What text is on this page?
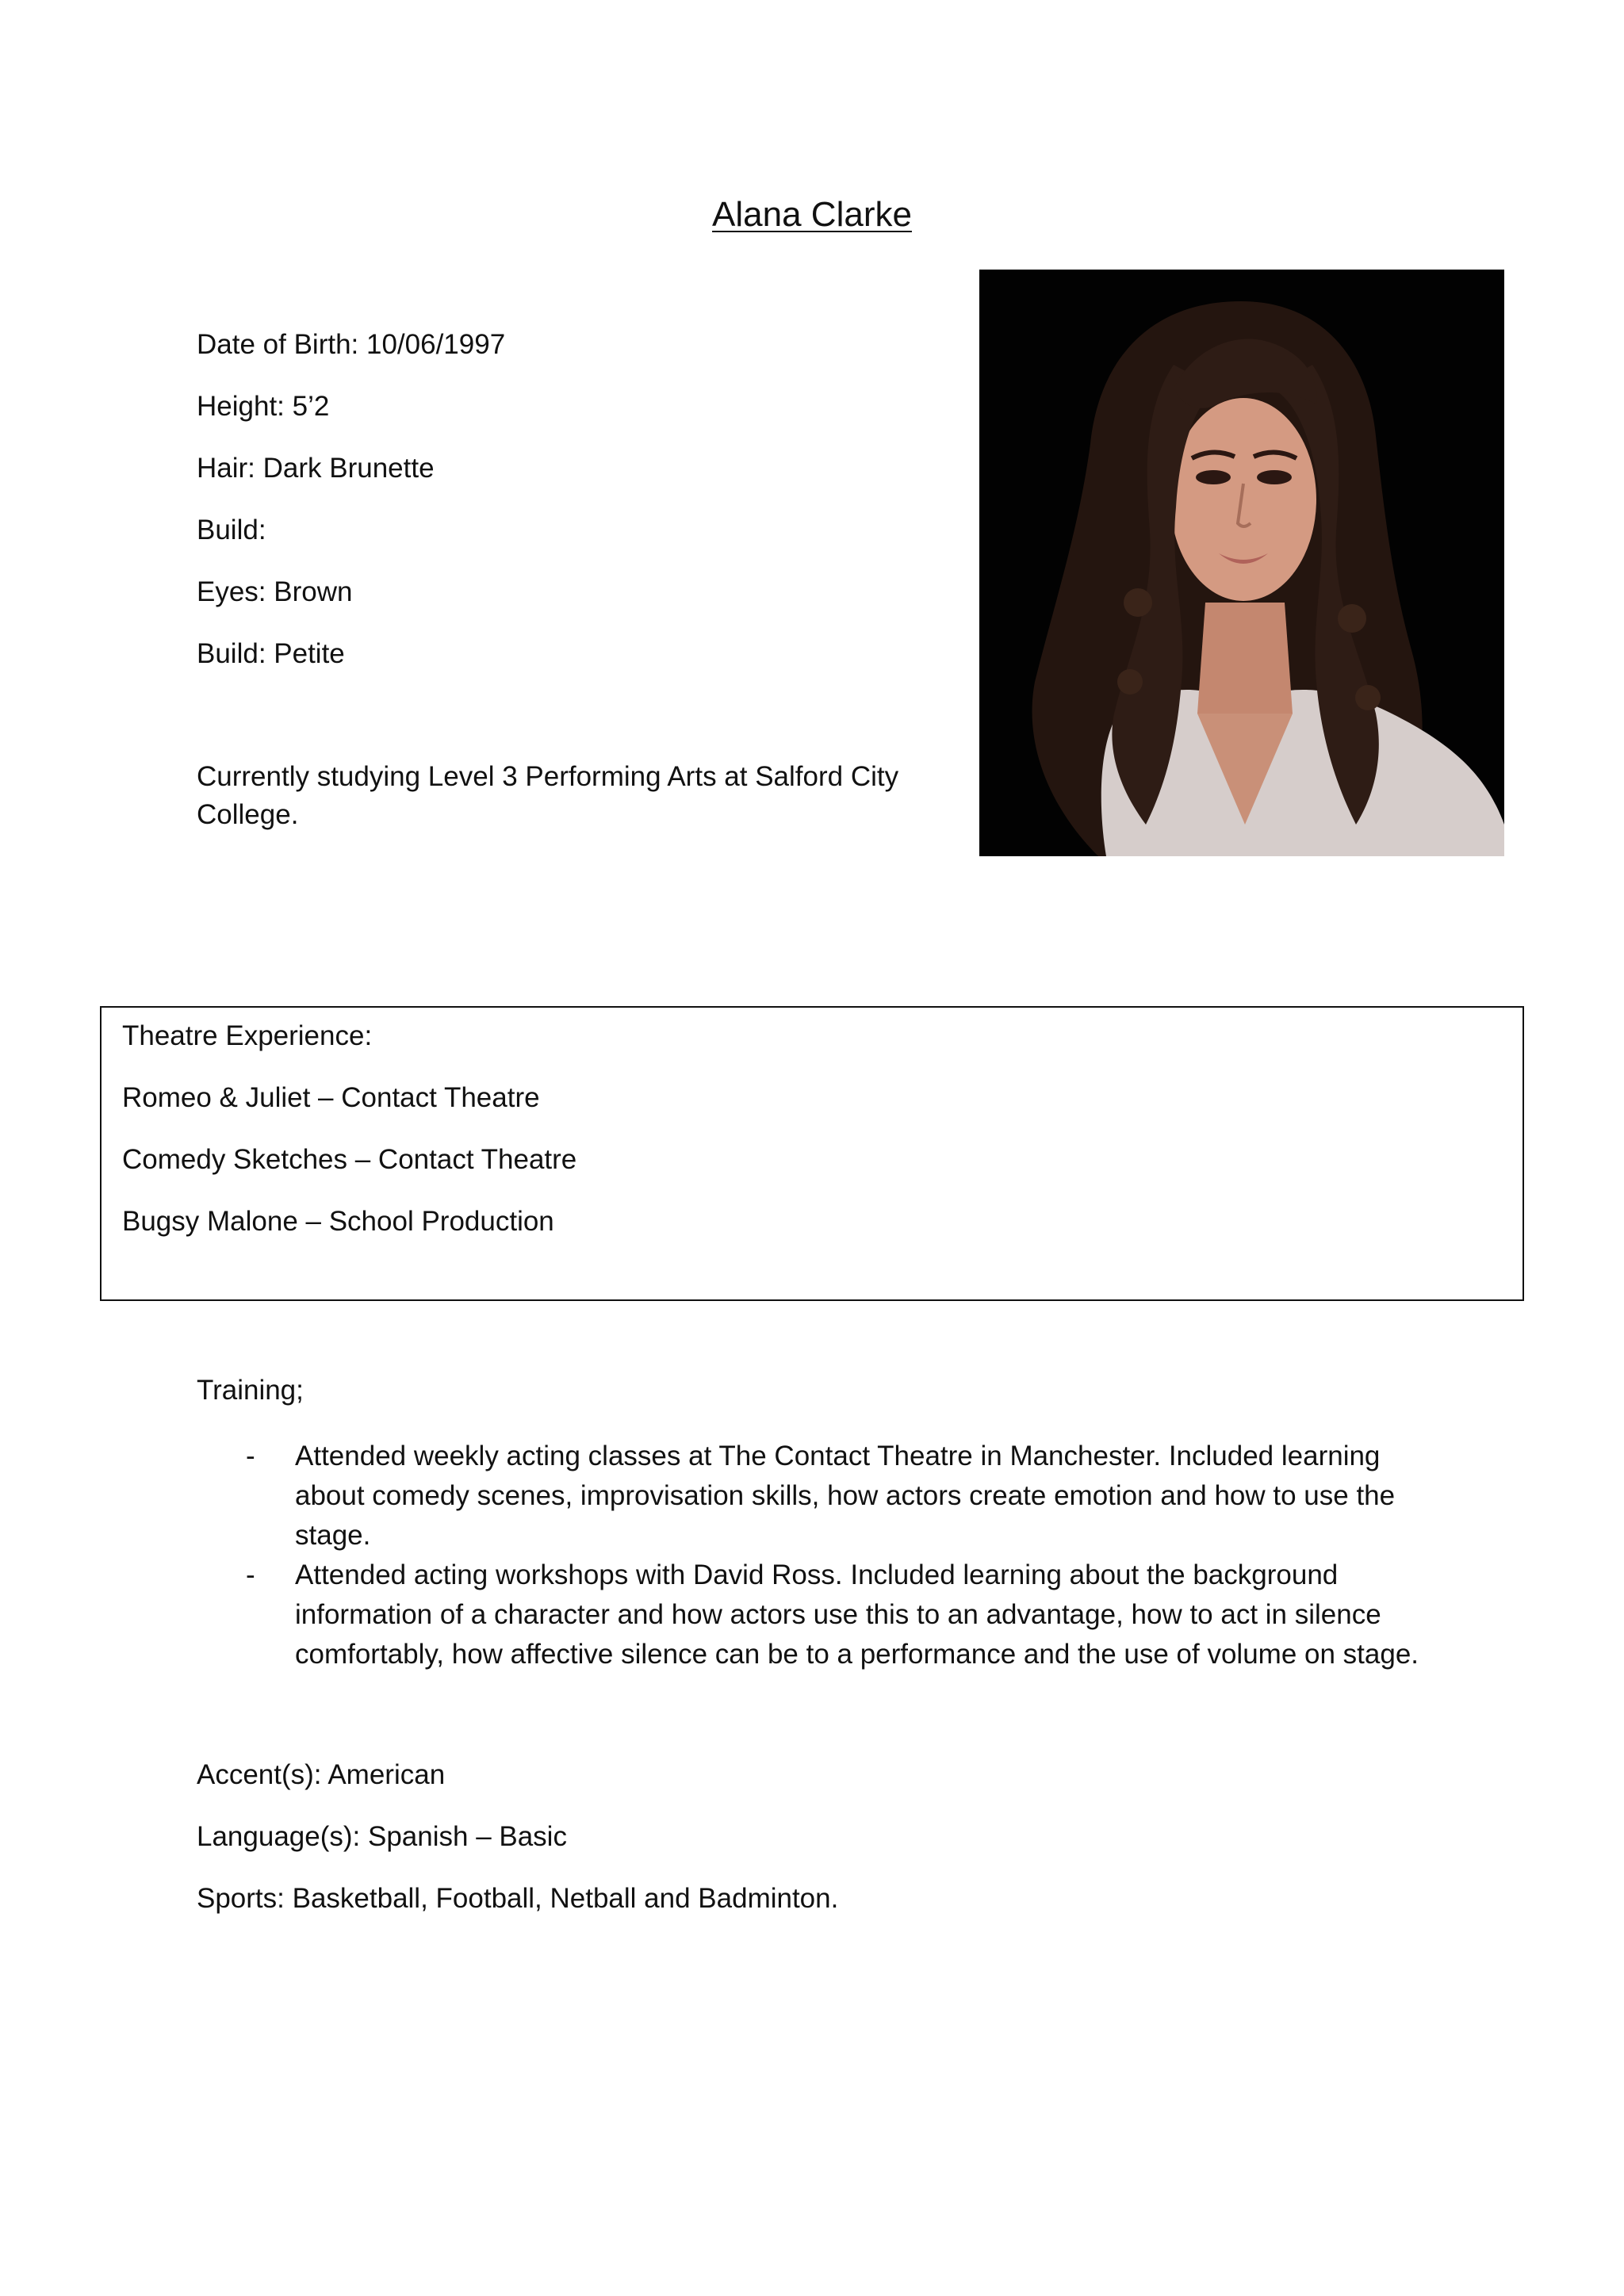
Alana Clarke
Date of Birth: 10/06/1997
Height: 5’2
Hair: Dark Brunette
Build:
Eyes: Brown
Build: Petite
Currently studying Level 3 Performing Arts at Salford City College.
Theatre Experience:
Romeo & Juliet – Contact Theatre
Comedy Sketches – Contact Theatre
Bugsy Malone – School Production
Training;
-	Attended weekly acting classes at The Contact Theatre in Manchester. Included learning about comedy scenes, improvisation skills, how actors create emotion and how to use the stage.
-	Attended acting workshops with David Ross. Included learning about the background information of a character and how actors use this to an advantage, how to act in silence comfortably, how affective silence can be to a performance and the use of volume on stage.
Accent(s): American
Language(s): Spanish – Basic
Sports: Basketball, Football, Netball and Badminton.
